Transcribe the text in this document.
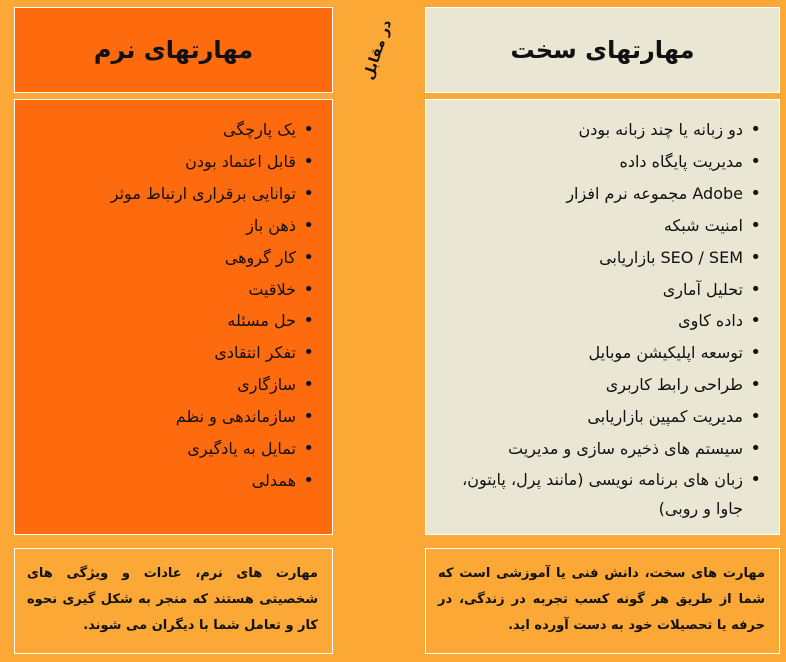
مهارتهای نرم	در مقابل	مهارتهای سخت
• یک پارچگی
• قابل اعتماد بودن
• توانایی برقراری ارتباط موثر
• ذهن باز
• کار گروهی
• خلاقیت
• حل مسئله
• تفکر انتقادی
• سازگاری
• سازماندهی و نظم
• تمایل به یادگیری
• همدلی
• دو زبانه یا چند زبانه بودن
• مدیریت پایگاه داده
• Adobe مجموعه نرم افزار
• امنیت شبکه
• SEO / SEM بازاریابی
• تحلیل آماری
• داده کاوی
• توسعه اپلیکیشن موبایل
• طراحی رابط کاربری
• مدیریت کمپین بازاریابی
• سیستم های ذخیره سازی و مدیریت
• زبان های برنامه نویسی (مانند پرل، پایتون، جاوا و روبی)
مهارت های نرم، عادات و ویژگی های شخصیتی هستند که منجر به شکل گیری نحوه کار و تعامل شما با دیگران می شوند.
مهارت های سخت، دانش فنی یا آموزشی است که شما از طریق هر گونه کسب تجربه در زندگی، در حرفه یا تحصیلات خود به دست آورده اید.
